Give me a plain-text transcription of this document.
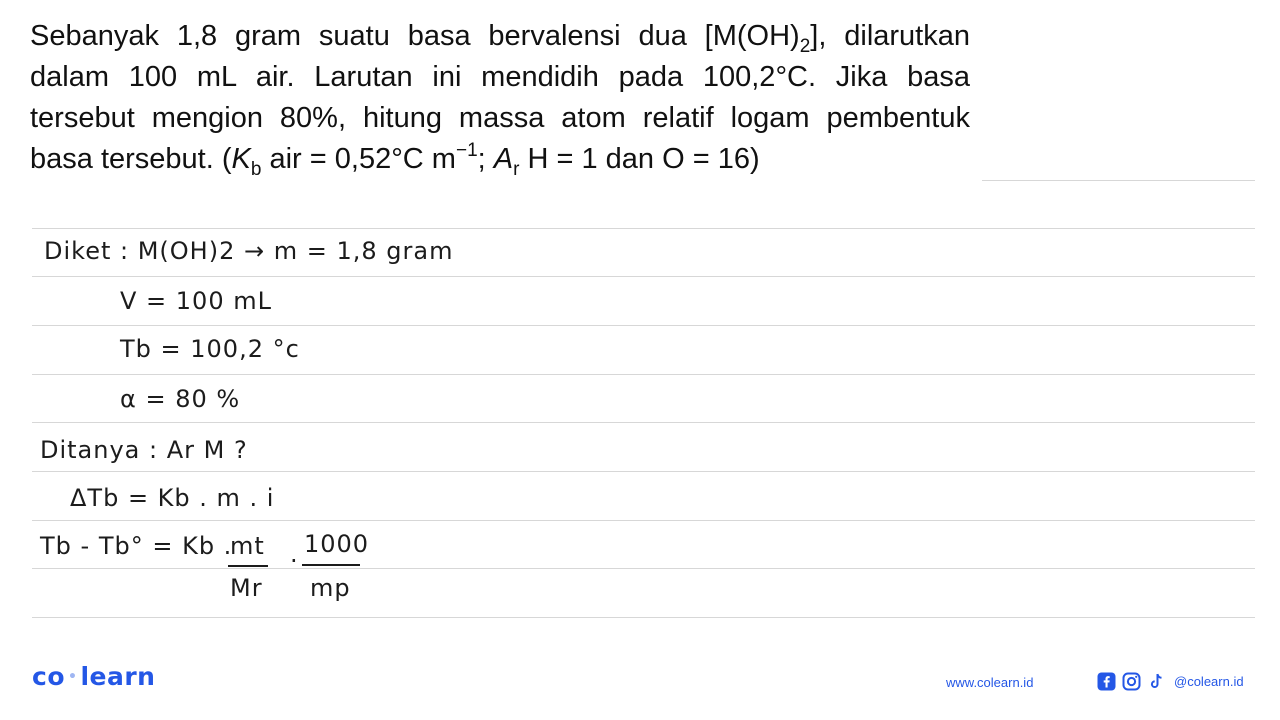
Sebanyak 1,8 gram suatu basa bervalensi dua $[M(OH)_2]$, dilarutkan
dalam 100 mL air. Larutan ini mendidih pada 100,2°C. Jika basa
tersebut mengion 80%, hitung massa atom relatif logam pembentuk
basa tersebut. ($K_b$ air = 0,52°C $m^{-1}$; $A_r$ H = 1 dan O = 16)
Diket : M(OH)2 → m = 1,8 gram
V = 100 mL
Tb = 100,2 °c
α = 80 %
Ditanya : Ar M ?
ΔTb = Kb . m . i
Tb - Tb° = Kb .
mt
Mr
. 1000
mp
co • learn	www.colearn.id	@colearn.id
